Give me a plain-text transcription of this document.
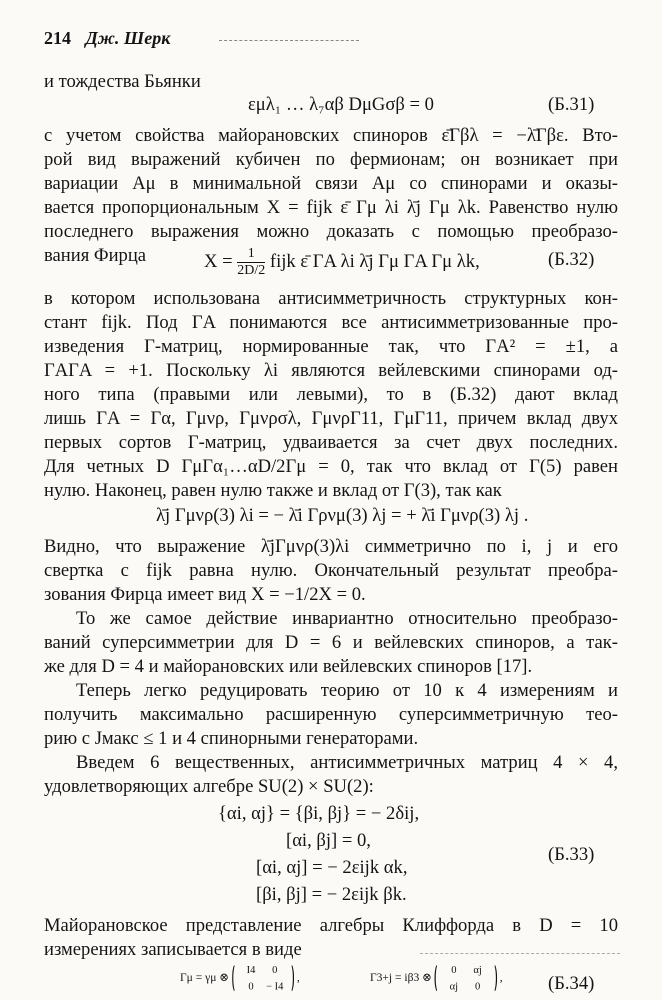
214 Дж. Шерк
и тождества Бьянки
εμλ₁ … λ₇αβ DμGσβ = 0	(Б.31)
с учетом свойства майорановских спиноров ε̄Γβλ = −λ̄Γβε. Вто-
рой вид выражений кубичен по фермионам; он возникает при
вариации Aμ в минимальной связи Aμ со спинорами и оказы-
вается пропорциональным X = fijk ε̄ Γμ λi λ̄j Γμ λk. Равенство нулю
последнего выражения можно доказать с помощью преобразо-
вания Фирца	$X = \frac{1}{2D/2}$ fijk ε̄ ΓA λi λ̄j Γμ ΓA Γμ λk,	(Б.32)
в котором использована антисимметричность структурных кон-
стант fijk. Под ΓA понимаются все антисимметризованные про-
изведения Γ-матриц, нормированные так, что ΓA² = ±1, а
ΓAΓA = +1. Поскольку λi являются вейлевскими спинорами од-
ного типа (правыми или левыми), то в (Б.32) дают вклад
лишь ΓA = Γα, Γμνρ, Γμνρσλ, ΓμνρΓ11, ΓμΓ11, причем вклад двух
первых сортов Γ-матриц, удваивается за счет двух последних.
Для четных D ΓμΓα₁…αD/2Γμ = 0, так что вклад от Γ(5) равен
нулю. Наконец, равен нулю также и вклад от Γ(3), так как
λ̄j Γμνρ(3) λi = − λ̄i Γρνμ(3) λj = + λ̄i Γμνρ(3) λj .
Видно, что выражение λ̄jΓμνρ(3)λi симметрично по i, j и его
свертка с fijk равна нулю. Окончательный результат преобра-
зования Фирца имеет вид X = −1/2X = 0.
То же самое действие инвариантно относительно преобразо-
ваний суперсимметрии для D = 6 и вейлевских спиноров, а так-
же для D = 4 и майорановских или вейлевских спиноров [17].
Теперь легко редуцировать теорию от 10 к 4 измерениям и
получить максимально расширенную суперсимметричную тео-
рию с Jмакс ≤ 1 и 4 спинорными генераторами.
Введем 6 вещественных, антисимметричных матриц 4 × 4,
удовлетворяющих алгебре SU(2) × SU(2):
{αi, αj} = {βi, βj} = − 2δij,
[αi, βj] = 0,
(Б.33)
[αi, αj] = − 2εijk αk,
[βi, βj] = − 2εijk βk.
Майорановское представление алгебры Клиффорда в D = 10
измерениях записывается в виде
Γμ = γμ ⊗
I4 0
0 − I4
,	Γ3+j = iβ3 ⊗
0 αj
αj 0
, (Б.34)
